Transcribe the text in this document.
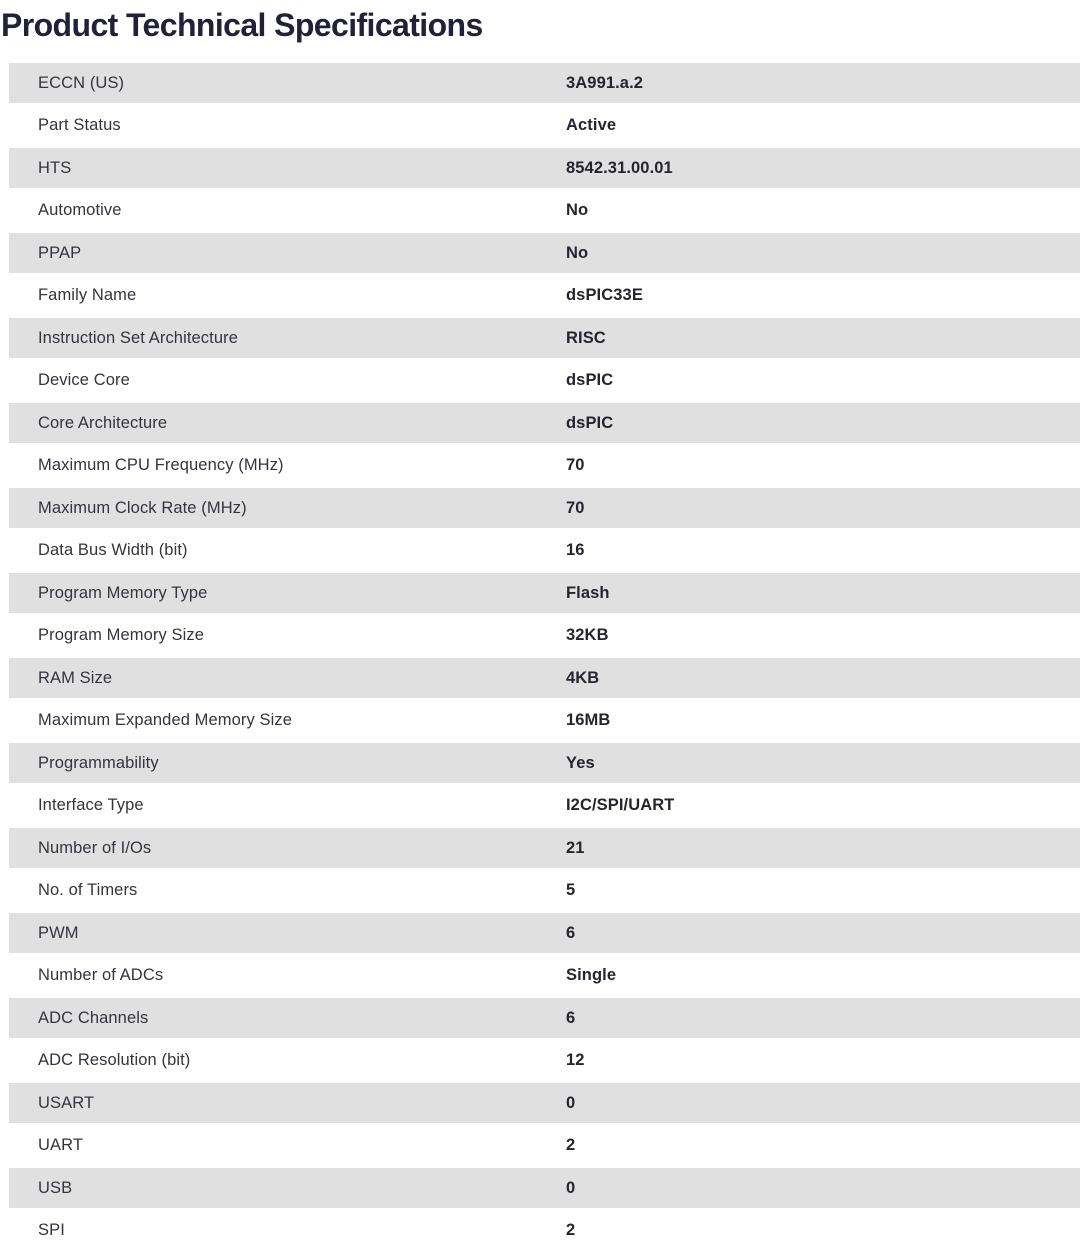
Product Technical Specifications
ECCN (US)	3A991.a.2
Part Status	Active
HTS	8542.31.00.01
Automotive	No
PPAP	No
Family Name	dsPIC33E
Instruction Set Architecture	RISC
Device Core	dsPIC
Core Architecture	dsPIC
Maximum CPU Frequency (MHz)	70
Maximum Clock Rate (MHz)	70
Data Bus Width (bit)	16
Program Memory Type	Flash
Program Memory Size	32KB
RAM Size	4KB
Maximum Expanded Memory Size	16MB
Programmability	Yes
Interface Type	I2C/SPI/UART
Number of I/Os	21
No. of Timers	5
PWM	6
Number of ADCs	Single
ADC Channels	6
ADC Resolution (bit)	12
USART	0
UART	2
USB	0
SPI	2
